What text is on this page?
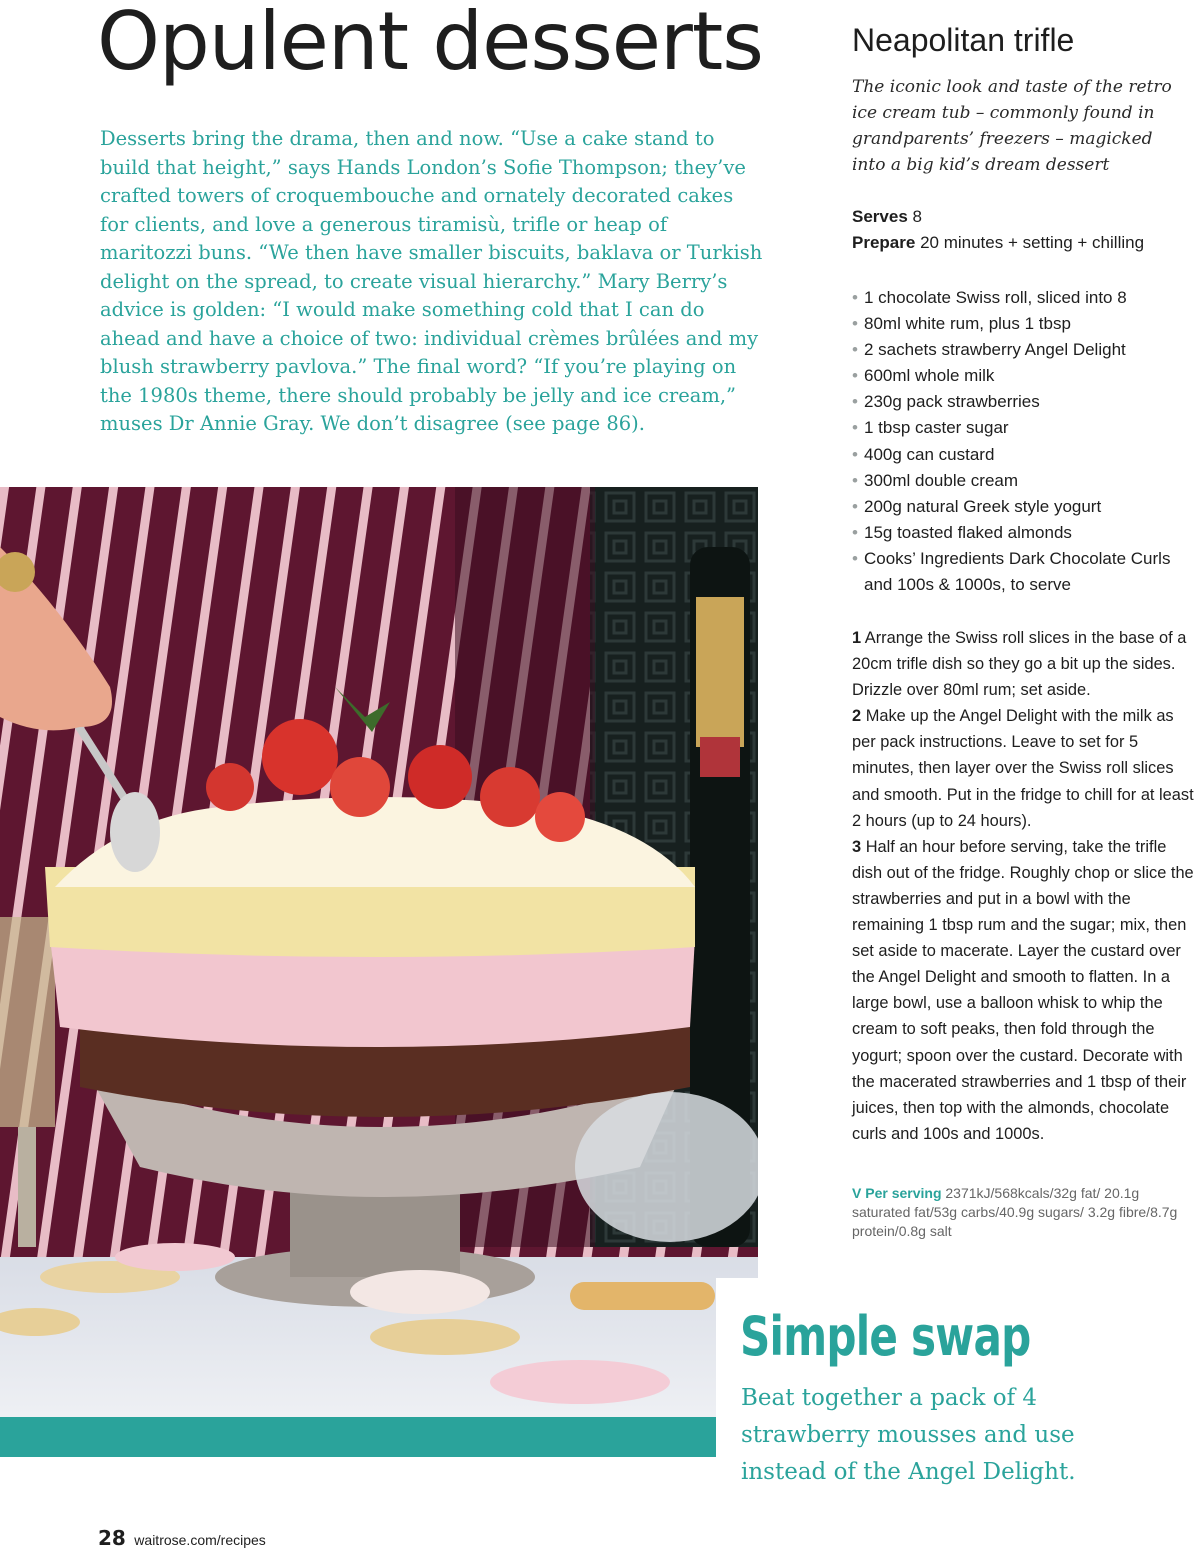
Opulent desserts

Desserts bring the drama, then and now. “Use a cake stand to build that height,” says Hands London’s Sofie Thompson; they’ve crafted towers of croquembouche and ornately decorated cakes for clients, and love a generous tiramisù, trifle or heap of maritozzi buns. “We then have smaller biscuits, baklava or Turkish delight on the spread, to create visual hierarchy.” Mary Berry’s advice is golden: “I would make something cold that I can do ahead and have a choice of two: individual crèmes brûlées and my blush strawberry pavlova.” The final word? “If you’re playing on the 1980s theme, there should probably be jelly and ice cream,” muses Dr Annie Gray. We don’t disagree (see page 86).

Neapolitan trifle

The iconic look and taste of the retro ice cream tub – commonly found in grandparents’ freezers – magicked into a big kid’s dream dessert

Serves 8
Prepare 20 minutes + setting + chilling
• 1 chocolate Swiss roll, sliced into 8
• 80ml white rum, plus 1 tbsp
• 2 sachets strawberry Angel Delight
• 600ml whole milk
• 230g pack strawberries
• 1 tbsp caster sugar
• 400g can custard
• 300ml double cream
• 200g natural Greek style yogurt
• 15g toasted flaked almonds
• Cooks’ Ingredients Dark Chocolate Curls and 100s & 1000s, to serve

1 Arrange the Swiss roll slices in the base of a 20cm trifle dish so they go a bit up the sides. Drizzle over 80ml rum; set aside.
2 Make up the Angel Delight with the milk as per pack instructions. Leave to set for 5 minutes, then layer over the Swiss roll slices and smooth. Put in the fridge to chill for at least 2 hours (up to 24 hours).
3 Half an hour before serving, take the trifle dish out of the fridge. Roughly chop or slice the strawberries and put in a bowl with the remaining 1 tbsp rum and the sugar; mix, then set aside to macerate. Layer the custard over the Angel Delight and smooth to flatten. In a large bowl, use a balloon whisk to whip the cream to soft peaks, then fold through the yogurt; spoon over the custard. Decorate with the macerated strawberries and 1 tbsp of their juices, then top with the almonds, chocolate curls and 100s and 1000s.

V Per serving 2371kJ/568kcals/32g fat/ 20.1g saturated fat/53g carbs/40.9g sugars/ 3.2g fibre/8.7g protein/0.8g salt

Simple swap

Beat together a pack of 4 strawberry mousses and use instead of the Angel Delight.

28 waitrose.com/recipes
